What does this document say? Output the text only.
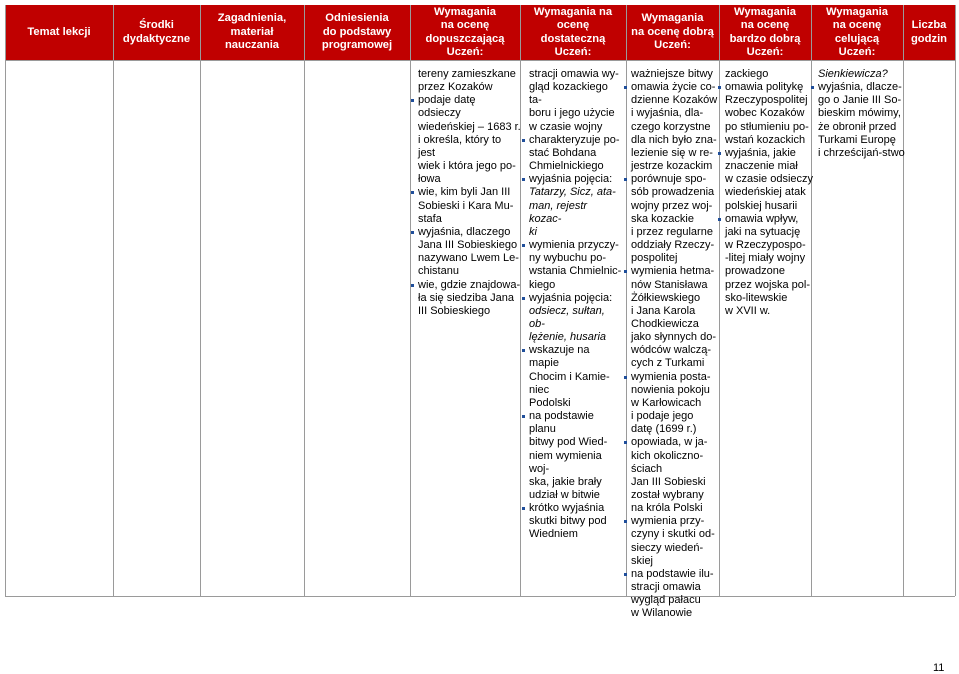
Temat lekcji
Środki
dydaktyczne
Zagadnienia,
materiał
nauczania
Odniesienia
do podstawy
programowej
Wymagania
na ocenę
dopuszczającą
Uczeń:
Wymagania na ocenę
dostateczną
Uczeń:
Wymagania
na ocenę dobrą
Uczeń:
Wymagania
na ocenę
bardzo dobrą
Uczeń:
Wymagania
na ocenę
celującą
Uczeń:
Liczba
godzin
tereny zamieszkane
przez Kozaków
podaje datę odsieczy
wiedeńskiej – 1683 r.
i określa, który to jest
wiek i która jego po-
łowa
wie, kim byli Jan III
Sobieski i Kara Mu-
stafa
wyjaśnia, dlaczego
Jana III Sobieskiego
nazywano Lwem Le-
chistanu
wie, gdzie znajdowa-
ła się siedziba Jana
III Sobieskiego
stracji omawia wy-
gląd kozackiego ta-
boru i jego użycie
w czasie wojny
charakteryzuje po-
stać Bohdana
Chmielnickiego
wyjaśnia pojęcia:
Tatarzy, Sicz, ata-
man, rejestr kozac-
ki
wymienia przyczy-
ny wybuchu po-
wstania Chmielnic-
kiego
wyjaśnia pojęcia:
odsiecz, sułtan, ob-
lężenie, husaria
wskazuje na mapie
Chocim i Kamie-
niec
Podolski
na podstawie planu
bitwy pod Wied-
niem wymienia woj-
ska, jakie brały
udział w bitwie
krótko wyjaśnia
skutki bitwy pod
Wiedniem
ważniejsze bitwy
omawia życie co-
dzienne Kozaków
i wyjaśnia, dla-
czego korzystne
dla nich było zna-
lezienie się w re-
jestrze kozackim
porównuje spo-
sób prowadzenia
wojny przez woj-
ska kozackie
i przez regularne
oddziały Rzeczy-
pospolitej
wymienia hetma-
nów Stanisława
Żółkiewskiego
i Jana Karola
Chodkiewicza
jako słynnych do-
wódców walczą-
cych z Turkami
wymienia posta-
nowienia pokoju
w Karłowicach
i podaje jego
datę (1699 r.)
opowiada, w ja-
kich okoliczno-
ściach
Jan III Sobieski
został wybrany
na króla Polski
wymienia przy-
czyny i skutki od-
sieczy wiedeń-
skiej
na podstawie ilu-
stracji omawia
wygląd pałacu
w Wilanowie
zackiego
omawia politykę
Rzeczypospolitej
wobec Kozaków
po stłumieniu po-
wstań kozackich
wyjaśnia, jakie
znaczenie miał
w czasie odsieczy
wiedeńskiej atak
polskiej husarii
omawia wpływ,
jaki na sytuację
w Rzeczypospo-
-litej miały wojny
prowadzone
przez wojska pol-
sko-litewskie
w XVII w.
Sienkiewicza?
wyjaśnia, dlacze-
go o Janie III So-
bieskim mówimy,
że obronił przed
Turkami Europę
i chrześcijań-stwo
11
